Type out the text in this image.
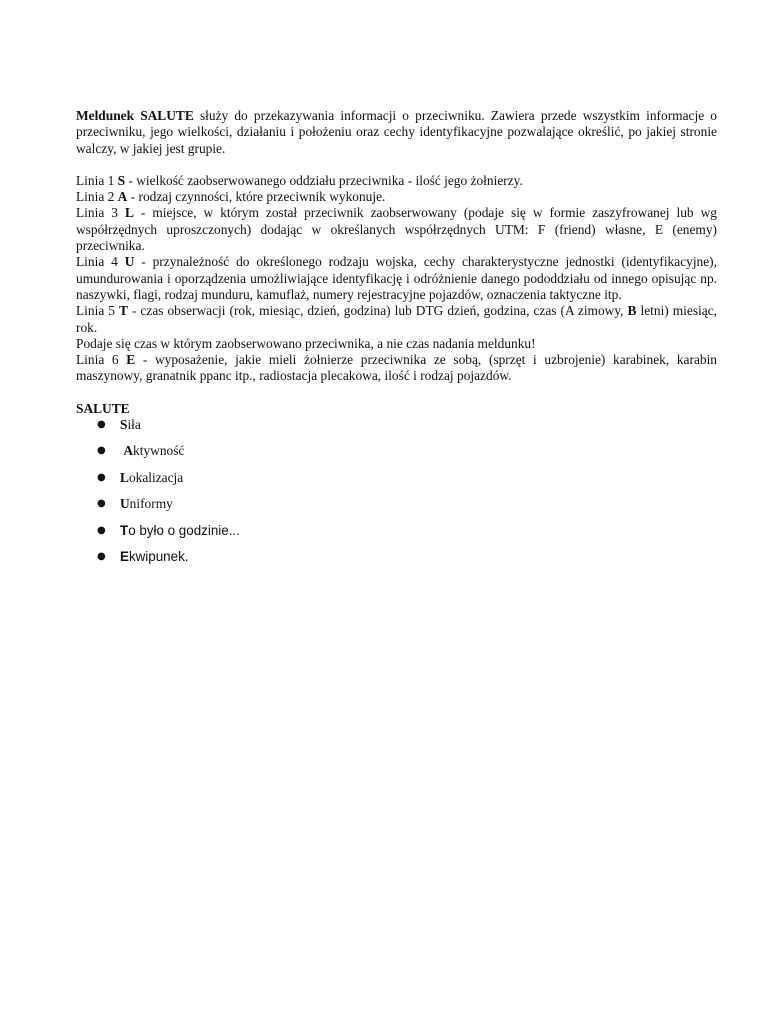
Meldunek SALUTE służy do przekazywania informacji o przeciwniku. Zawiera przede wszystkim informacje o przeciwniku, jego wielkości, działaniu i położeniu oraz cechy identyfikacyjne pozwalające określić, po jakiej stronie walczy, w jakiej jest grupie.

Linia 1 S - wielkość zaobserwowanego oddziału przeciwnika - ilość jego żołnierzy.

Linia 2 A - rodzaj czynności, które przeciwnik wykonuje.

Linia 3 L - miejsce, w którym został przeciwnik zaobserwowany (podaje się w formie zaszyfrowanej lub wg współrzędnych uproszczonych) dodając w określanych współrzędnych UTM: F (friend) własne, E (enemy) przeciwnika.

Linia 4 U - przynależność do określonego rodzaju wojska, cechy charakterystyczne jednostki (identyfikacyjne), umundurowania i oporządzenia umożliwiające identyfikację i odróżnienie danego pododdziału od innego opisując np. naszywki, flagi, rodzaj munduru, kamuflaż, numery rejestracyjne pojazdów, oznaczenia taktyczne itp.

Linia 5 T - czas obserwacji (rok, miesiąc, dzień, godzina) lub DTG dzień, godzina, czas (A zimowy, B letni) miesiąc, rok.

Podaje się czas w którym zaobserwowano przeciwnika, a nie czas nadania meldunku!

Linia 6 E - wyposażenie, jakie mieli żołnierze przeciwnika ze sobą, (sprzęt i uzbrojenie) karabinek, karabin maszynowy, granatnik ppanc itp., radiostacja plecakowa, ilość i rodzaj pojazdów.

SALUTE

● Siła
● Aktywność
● Lokalizacja
● Uniformy
● To było o godzinie...
● Ekwipunek.
